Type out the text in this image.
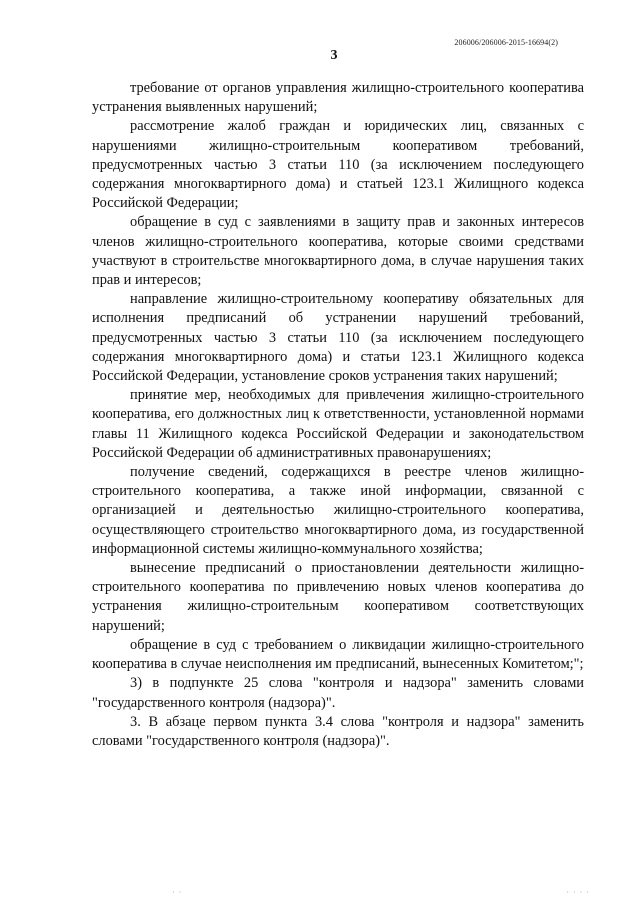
206006/206006-2015-16694(2)
3

требование от органов управления жилищно-строительного кооператива устранения выявленных нарушений;

рассмотрение жалоб граждан и юридических лиц, связанных с нарушениями жилищно-строительным кооперативом требований, предусмотренных частью 3 статьи 110 (за исключением последующего содержания многоквартирного дома) и статьей 123.1 Жилищного кодекса Российской Федерации;

обращение в суд с заявлениями в защиту прав и законных интересов членов жилищно-строительного кооператива, которые своими средствами участвуют в строительстве многоквартирного дома, в случае нарушения таких прав и интересов;

направление жилищно-строительному кооперативу обязательных для исполнения предписаний об устранении нарушений требований, предусмотренных частью 3 статьи 110 (за исключением последующего содержания многоквартирного дома) и статьи 123.1 Жилищного кодекса Российской Федерации, установление сроков устранения таких нарушений;

принятие мер, необходимых для привлечения жилищно-строительного кооператива, его должностных лиц к ответственности, установленной нормами главы 11 Жилищного кодекса Российской Федерации и законодательством Российской Федерации об административных правонарушениях;

получение сведений, содержащихся в реестре членов жилищно-строительного кооператива, а также иной информации, связанной с организацией и деятельностью жилищно-строительного кооператива, осуществляющего строительство многоквартирного дома, из государственной информационной системы жилищно-коммунального хозяйства;

вынесение предписаний о приостановлении деятельности жилищно-строительного кооператива по привлечению новых членов кооператива до устранения жилищно-строительным кооперативом соответствующих нарушений;

обращение в суд с требованием о ликвидации жилищно-строительного кооператива в случае неисполнения им предписаний, вынесенных Комитетом;";

3) в подпункте 25 слова "контроля и надзора" заменить словами "государственного контроля (надзора)".

3. В абзаце первом пункта 3.4 слова "контроля и надзора" заменить словами "государственного контроля (надзора)".

· ·	· · · ·
